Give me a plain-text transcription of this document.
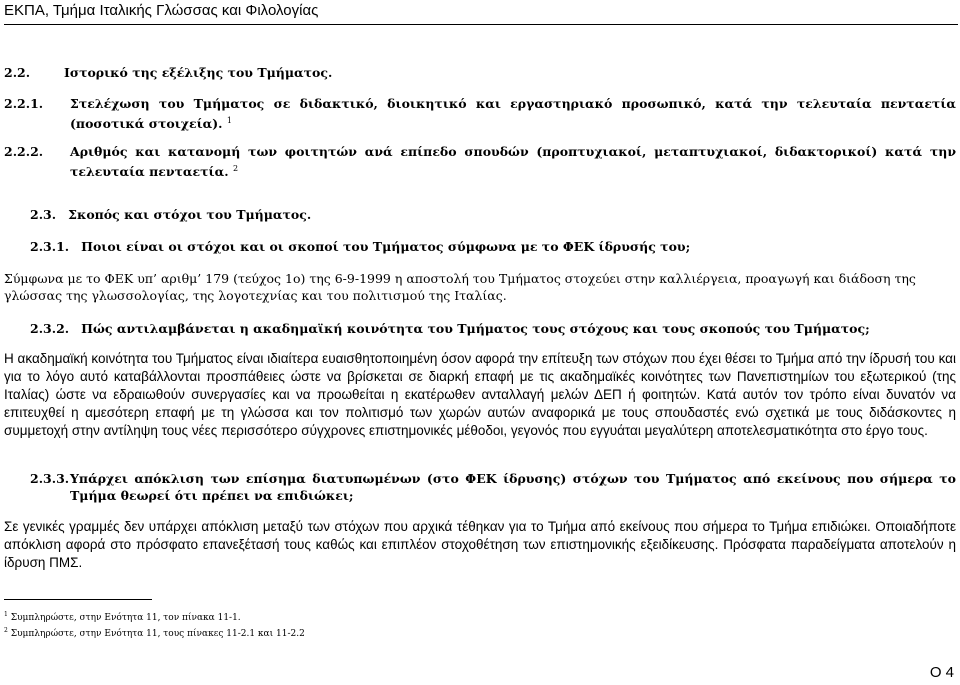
ΕΚΠΑ, Τμήμα Ιταλικής Γλώσσας και Φιλολογίας
2.2.	Ιστορικό της εξέλιξης του Τμήματος.
2.2.1. Στελέχωση του Τμήματος σε διδακτικό, διοικητικό και εργαστηριακό προσωπικό, κατά την τελευταία πενταετία (ποσοτικά στοιχεία). $^1$
2.2.2. Αριθμός και κατανομή των φοιτητών ανά επίπεδο σπουδών (προπτυχιακοί, μεταπτυχιακοί, διδακτορικοί) κατά την τελευταία πενταετία. $^2$
2.3. Σκοπός και στόχοι του Τμήματος.
2.3.1. Ποιοι είναι οι στόχοι και οι σκοποί του Τμήματος σύμφωνα με το ΦΕΚ ίδρυσής του;
Σύμφωνα με το ΦΕΚ υπ’ αριθμ’ 179 (τεύχος 1ο) της 6-9-1999 η αποστολή του Τμήματος στοχεύει στην καλλιέργεια, προαγωγή και διάδοση της γλώσσας της γλωσσολογίας, της λογοτεχνίας και του πολιτισμού της Ιταλίας.
2.3.2. Πώς αντιλαμβάνεται η ακαδημαϊκή κοινότητα του Τμήματος τους στόχους και τους σκοπούς του Τμήματος;
Η ακαδημαϊκή κοινότητα του Τμήματος είναι ιδιαίτερα ευαισθητοποιημένη όσον αφορά την επίτευξη των στόχων που έχει θέσει το Τμήμα από την ίδρυσή του και για το λόγο αυτό καταβάλλονται προσπάθειες ώστε να βρίσκεται σε διαρκή επαφή με τις ακαδημαϊκές κοινότητες των Πανεπιστημίων του εξωτερικού (της Ιταλίας) ώστε να εδραιωθούν συνεργασίες και να προωθείται η εκατέρωθεν ανταλλαγή μελών ΔΕΠ ή φοιτητών. Κατά αυτόν τον τρόπο είναι δυνατόν να επιτευχθεί η αμεσότερη επαφή με τη γλώσσα και τον πολιτισμό των χωρών αυτών αναφορικά με τους σπουδαστές ενώ σχετικά με τους διδάσκοντες η συμμετοχή στην αντίληψη τους νέες περισσότερο σύγχρονες επιστημονικές μέθοδοι, γεγονός που εγγυάται μεγαλύτερη αποτελεσματικότητα στο έργο τους.
2.3.3. Υπάρχει απόκλιση των επίσημα διατυπωμένων (στο ΦΕΚ ίδρυσης) στόχων του Τμήματος από εκείνους που σήμερα το Τμήμα θεωρεί ότι πρέπει να επιδιώκει;
Σε γενικές γραμμές δεν υπάρχει απόκλιση μεταξύ των στόχων που αρχικά τέθηκαν για το Τμήμα από εκείνους που σήμερα το Τμήμα επιδιώκει. Οποιαδήποτε απόκλιση αφορά στο πρόσφατο επανεξέτασή τους καθώς και επιπλέον στοχοθέτηση των επιστημονικής εξειδίκευσης. Πρόσφατα παραδείγματα αποτελούν η ίδρυση ΠΜΣ.
$^1$ Συμπληρώστε, στην Ενότητα 11, τον πίνακα 11-1.
$^2$ Συμπληρώστε, στην Ενότητα 11, τους πίνακες 11-2.1 και 11-2.2
Ο 4
